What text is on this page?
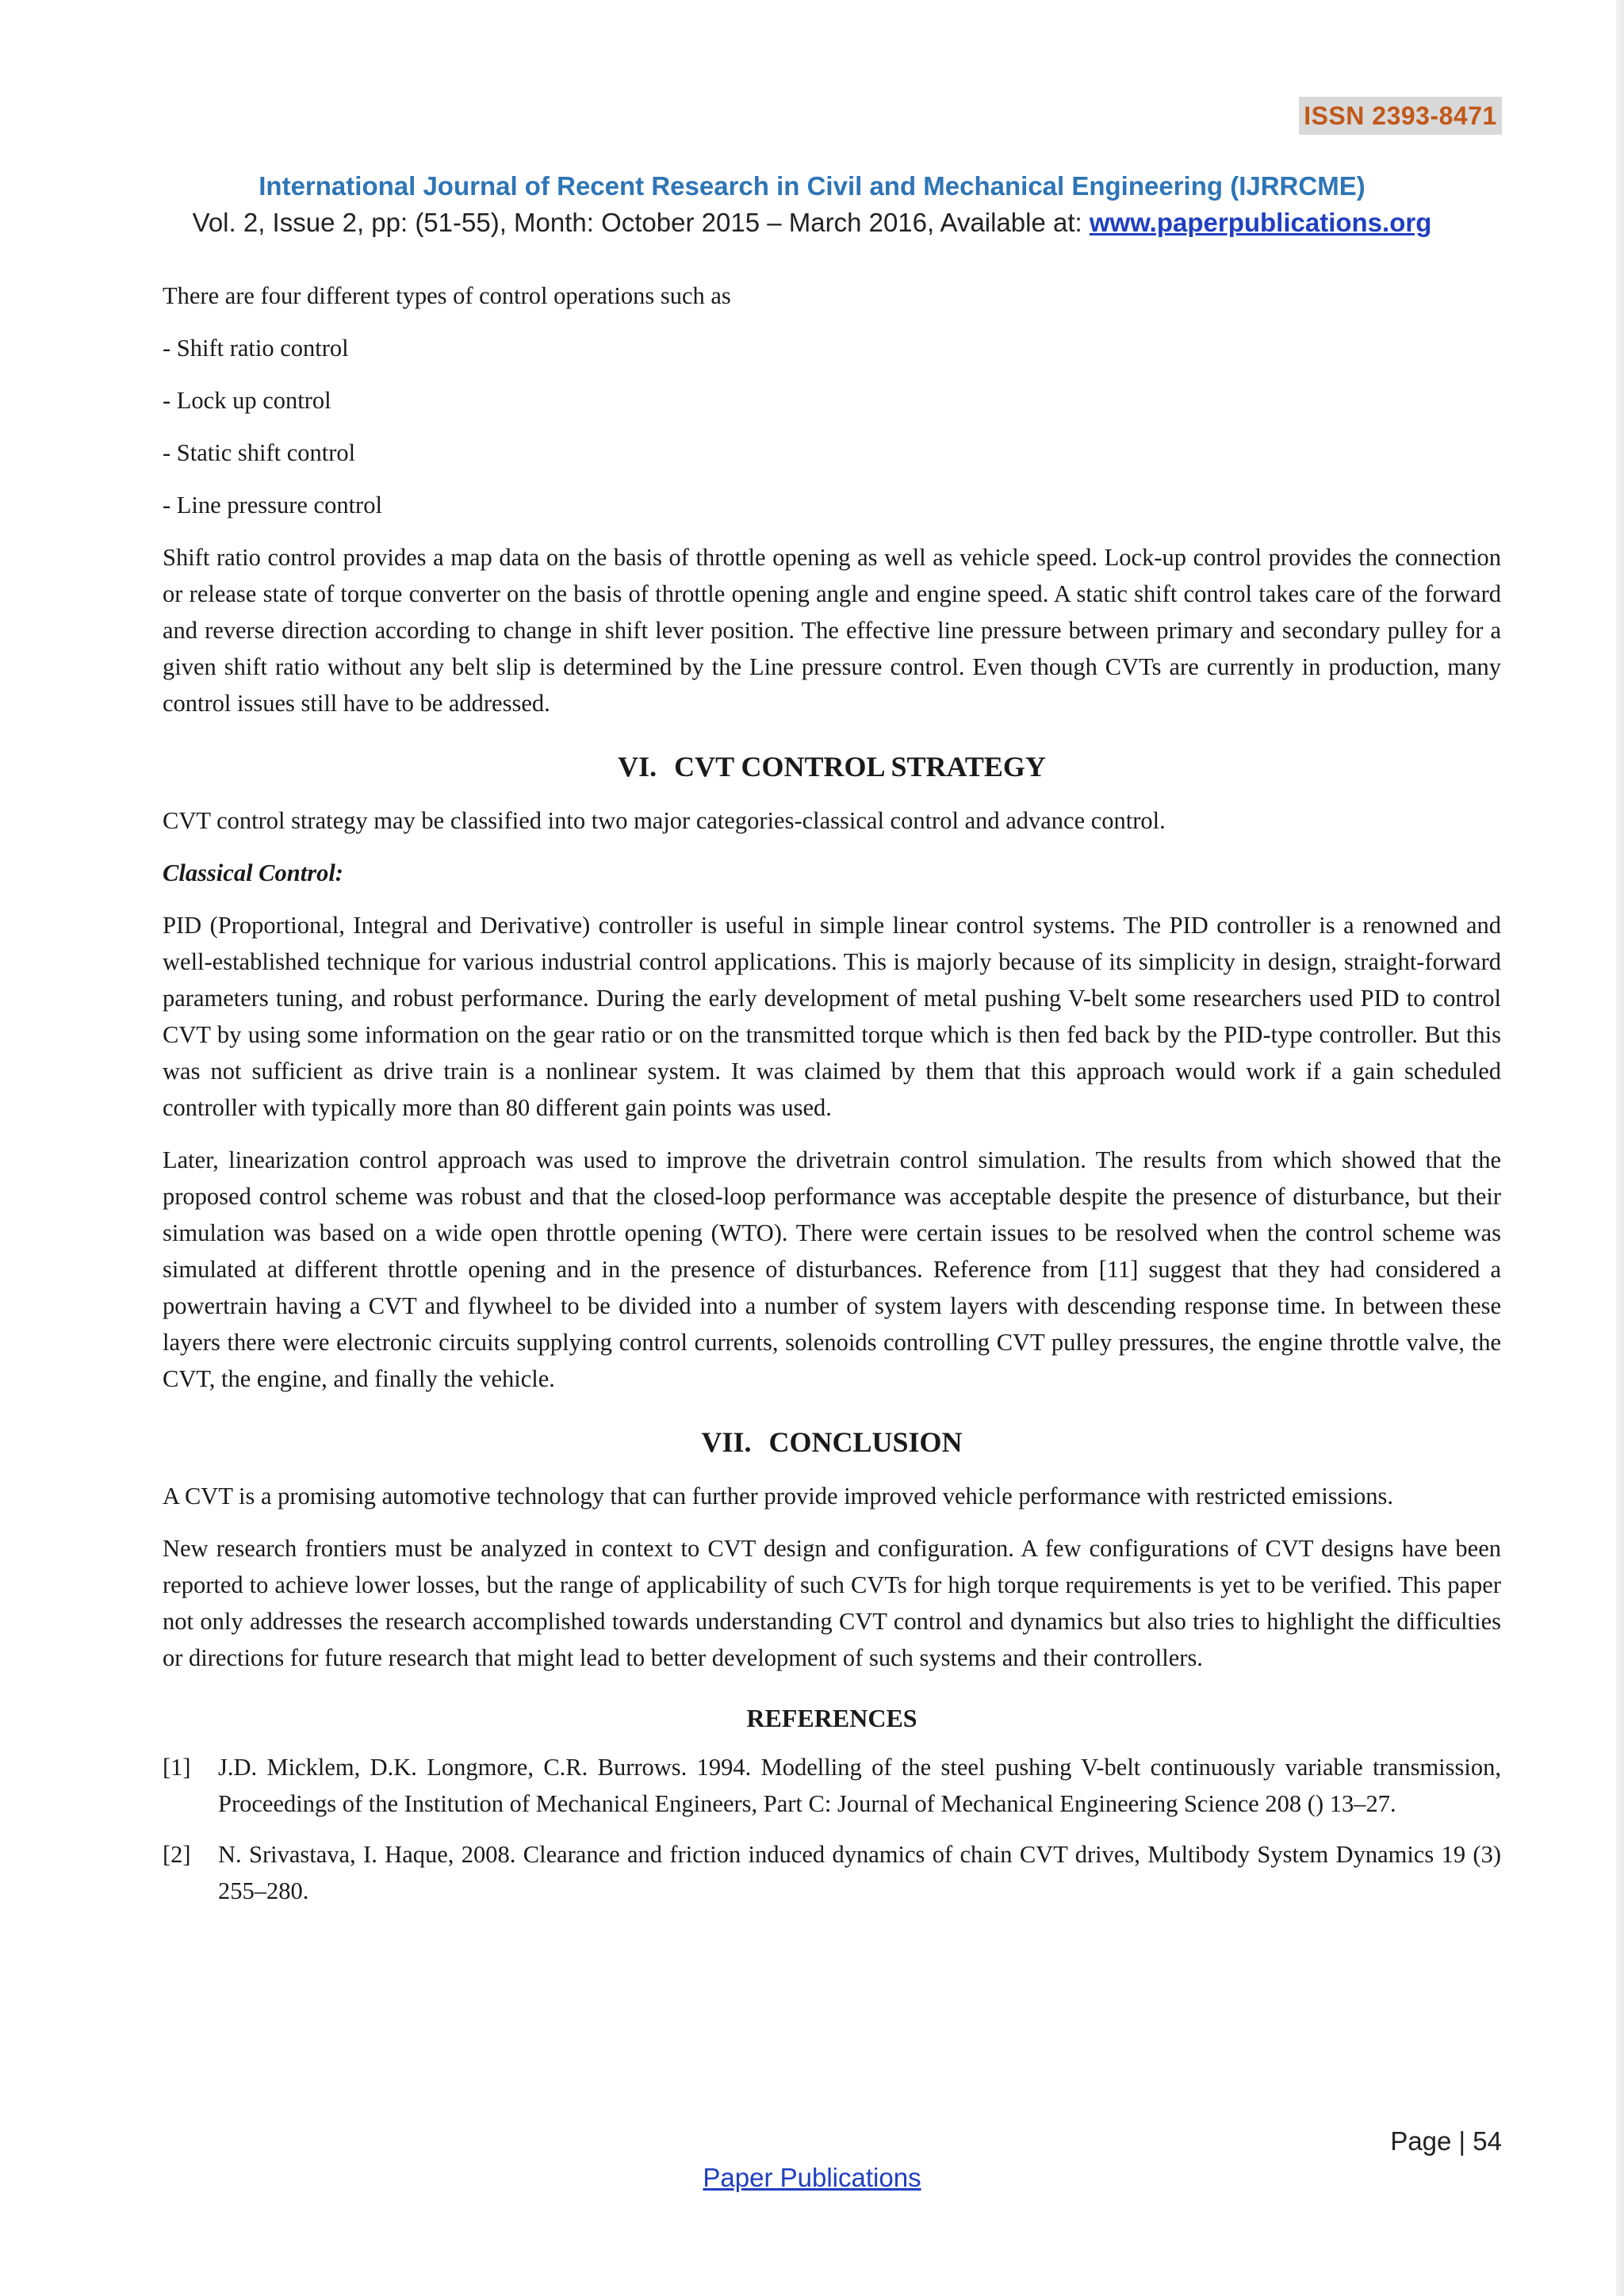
ISSN 2393-8471
International Journal of Recent Research in Civil and Mechanical Engineering (IJRRCME)
Vol. 2, Issue 2, pp: (51-55), Month: October 2015 – March 2016, Available at: www.paperpublications.org

There are four different types of control operations such as

- Shift ratio control

- Lock up control

- Static shift control

- Line pressure control

Shift ratio control provides a map data on the basis of throttle opening as well as vehicle speed. Lock-up control provides the connection or release state of torque converter on the basis of throttle opening angle and engine speed. A static shift control takes care of the forward and reverse direction according to change in shift lever position. The effective line pressure between primary and secondary pulley for a given shift ratio without any belt slip is determined by the Line pressure control. Even though CVTs are currently in production, many control issues still have to be addressed.

VI. CVT CONTROL STRATEGY

CVT control strategy may be classified into two major categories-classical control and advance control.

Classical Control:

PID (Proportional, Integral and Derivative) controller is useful in simple linear control systems. The PID controller is a renowned and well-established technique for various industrial control applications. This is majorly because of its simplicity in design, straight-forward parameters tuning, and robust performance. During the early development of metal pushing V-belt some researchers used PID to control CVT by using some information on the gear ratio or on the transmitted torque which is then fed back by the PID-type controller. But this was not sufficient as drive train is a nonlinear system. It was claimed by them that this approach would work if a gain scheduled controller with typically more than 80 different gain points was used.

Later, linearization control approach was used to improve the drivetrain control simulation. The results from which showed that the proposed control scheme was robust and that the closed-loop performance was acceptable despite the presence of disturbance, but their simulation was based on a wide open throttle opening (WTO). There were certain issues to be resolved when the control scheme was simulated at different throttle opening and in the presence of disturbances. Reference from [11] suggest that they had considered a powertrain having a CVT and flywheel to be divided into a number of system layers with descending response time. In between these layers there were electronic circuits supplying control currents, solenoids controlling CVT pulley pressures, the engine throttle valve, the CVT, the engine, and finally the vehicle.

VII. CONCLUSION

A CVT is a promising automotive technology that can further provide improved vehicle performance with restricted emissions.

New research frontiers must be analyzed in context to CVT design and configuration. A few configurations of CVT designs have been reported to achieve lower losses, but the range of applicability of such CVTs for high torque requirements is yet to be verified. This paper not only addresses the research accomplished towards understanding CVT control and dynamics but also tries to highlight the difficulties or directions for future research that might lead to better development of such systems and their controllers.

REFERENCES
[1]	J.D. Micklem, D.K. Longmore, C.R. Burrows. 1994. Modelling of the steel pushing V-belt continuously variable transmission, Proceedings of the Institution of Mechanical Engineers, Part C: Journal of Mechanical Engineering Science 208 () 13–27.
[2]	N. Srivastava, I. Haque, 2008. Clearance and friction induced dynamics of chain CVT drives, Multibody System Dynamics 19 (3) 255–280.
Page | 54
Paper Publications
